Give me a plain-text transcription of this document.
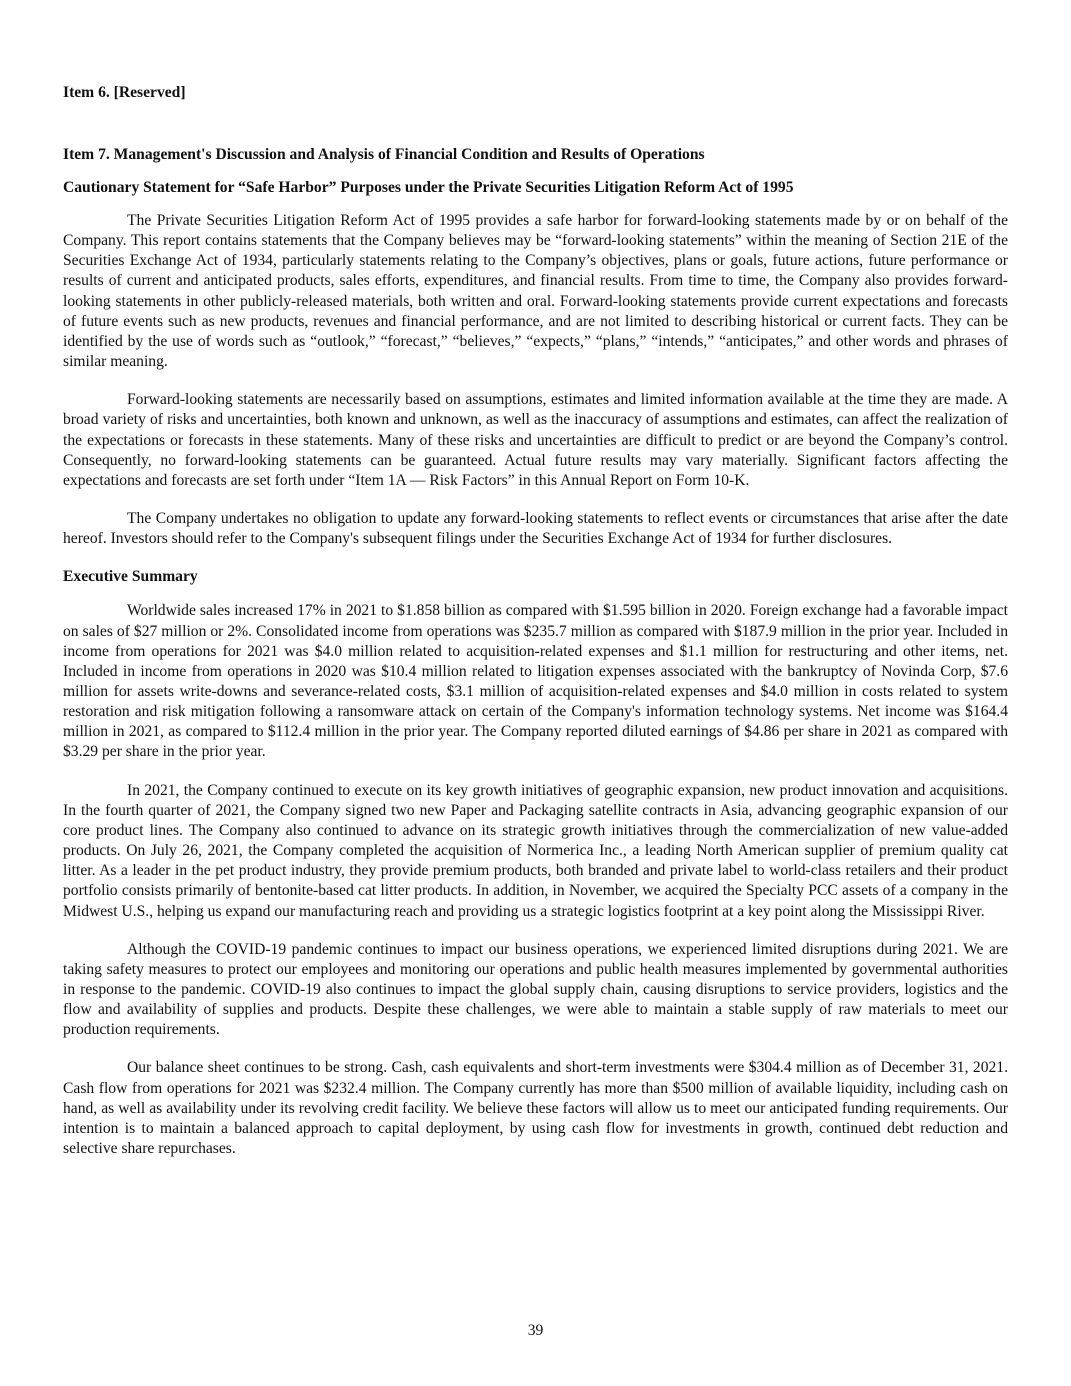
Item 6. [Reserved]

Item 7. Management's Discussion and Analysis of Financial Condition and Results of Operations

Cautionary Statement for “Safe Harbor” Purposes under the Private Securities Litigation Reform Act of 1995

The Private Securities Litigation Reform Act of 1995 provides a safe harbor for forward-looking statements made by or on behalf of the Company. This report contains statements that the Company believes may be “forward-looking statements” within the meaning of Section 21E of the Securities Exchange Act of 1934, particularly statements relating to the Company’s objectives, plans or goals, future actions, future performance or results of current and anticipated products, sales efforts, expenditures, and financial results. From time to time, the Company also provides forward-looking statements in other publicly-released materials, both written and oral. Forward-looking statements provide current expectations and forecasts of future events such as new products, revenues and financial performance, and are not limited to describing historical or current facts. They can be identified by the use of words such as “outlook,” “forecast,” “believes,” “expects,” “plans,” “intends,” “anticipates,” and other words and phrases of similar meaning.

Forward-looking statements are necessarily based on assumptions, estimates and limited information available at the time they are made. A broad variety of risks and uncertainties, both known and unknown, as well as the inaccuracy of assumptions and estimates, can affect the realization of the expectations or forecasts in these statements. Many of these risks and uncertainties are difficult to predict or are beyond the Company’s control. Consequently, no forward-looking statements can be guaranteed. Actual future results may vary materially. Significant factors affecting the expectations and forecasts are set forth under “Item 1A — Risk Factors” in this Annual Report on Form 10-K.

The Company undertakes no obligation to update any forward-looking statements to reflect events or circumstances that arise after the date hereof. Investors should refer to the Company's subsequent filings under the Securities Exchange Act of 1934 for further disclosures.

Executive Summary

Worldwide sales increased 17% in 2021 to $1.858 billion as compared with $1.595 billion in 2020. Foreign exchange had a favorable impact on sales of $27 million or 2%. Consolidated income from operations was $235.7 million as compared with $187.9 million in the prior year. Included in income from operations for 2021 was $4.0 million related to acquisition-related expenses and $1.1 million for restructuring and other items, net. Included in income from operations in 2020 was $10.4 million related to litigation expenses associated with the bankruptcy of Novinda Corp, $7.6 million for assets write-downs and severance-related costs, $3.1 million of acquisition-related expenses and $4.0 million in costs related to system restoration and risk mitigation following a ransomware attack on certain of the Company's information technology systems. Net income was $164.4 million in 2021, as compared to $112.4 million in the prior year. The Company reported diluted earnings of $4.86 per share in 2021 as compared with $3.29 per share in the prior year.

In 2021, the Company continued to execute on its key growth initiatives of geographic expansion, new product innovation and acquisitions. In the fourth quarter of 2021, the Company signed two new Paper and Packaging satellite contracts in Asia, advancing geographic expansion of our core product lines. The Company also continued to advance on its strategic growth initiatives through the commercialization of new value-added products. On July 26, 2021, the Company completed the acquisition of Normerica Inc., a leading North American supplier of premium quality cat litter. As a leader in the pet product industry, they provide premium products, both branded and private label to world-class retailers and their product portfolio consists primarily of bentonite-based cat litter products. In addition, in November, we acquired the Specialty PCC assets of a company in the Midwest U.S., helping us expand our manufacturing reach and providing us a strategic logistics footprint at a key point along the Mississippi River.

Although the COVID-19 pandemic continues to impact our business operations, we experienced limited disruptions during 2021. We are taking safety measures to protect our employees and monitoring our operations and public health measures implemented by governmental authorities in response to the pandemic. COVID-19 also continues to impact the global supply chain, causing disruptions to service providers, logistics and the flow and availability of supplies and products. Despite these challenges, we were able to maintain a stable supply of raw materials to meet our production requirements.

Our balance sheet continues to be strong. Cash, cash equivalents and short-term investments were $304.4 million as of December 31, 2021. Cash flow from operations for 2021 was $232.4 million. The Company currently has more than $500 million of available liquidity, including cash on hand, as well as availability under its revolving credit facility. We believe these factors will allow us to meet our anticipated funding requirements. Our intention is to maintain a balanced approach to capital deployment, by using cash flow for investments in growth, continued debt reduction and selective share repurchases.

39
